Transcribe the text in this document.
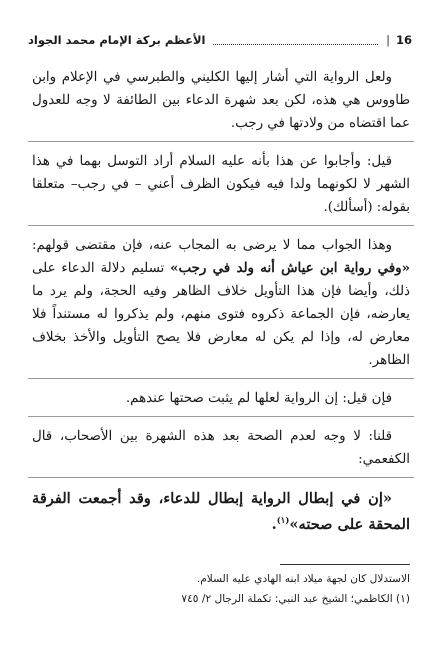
16
|
الأعظم بركة الإمام محمد الجواد

ولعل الرواية التي أشار إليها الكليني والطبرسي في الإعلام وابن طاووس هي هذه، لكن بعد شهرة الدعاء بين الطائفة لا وجه للعدول عما اقتضاه من ولادتها في رجب.

قيل: وأجابوا عن هذا بأنه عليه السلام أراد التوسل بهما في هذا الشهر لا لكونهما ولدا فيه فيكون الظرف أعني – في رجب– متعلقا بقوله: (أسألك).

وهذا الجواب مما لا يرضى به المجاب عنه، فإن مقتضى قولهم: «وفي رواية ابن عياش أنه ولد في رجب» تسليم دلالة الدعاء على ذلك، وأيضا فإن هذا التأويل خلاف الظاهر وفيه الحجة، ولم يرد ما يعارضه، فإن الجماعة ذكروه فتوى منهم، ولم يذكروا له مستنداً فلا معارض له، وإذا لم يكن له معارض فلا يصح التأويل والأخذ بخلاف الظاهر.

فإن قيل: إن الرواية لعلها لم يثبت صحتها عندهم.

قلنا: لا وجه لعدم الصحة بعد هذه الشهرة بين الأصحاب، قال الكفعمي:

«إن في إبطال الرواية إبطال للدعاء، وقد أجمعت الفرقة المحقة على صحته»$^{(١)}$.

الاستدلال كان لجهة ميلاد ابنه الهادي عليه السلام.

(١) الكاظمي؛ الشيخ عبد النبي: تكملة الرجال ٢/ ٧٤٥
